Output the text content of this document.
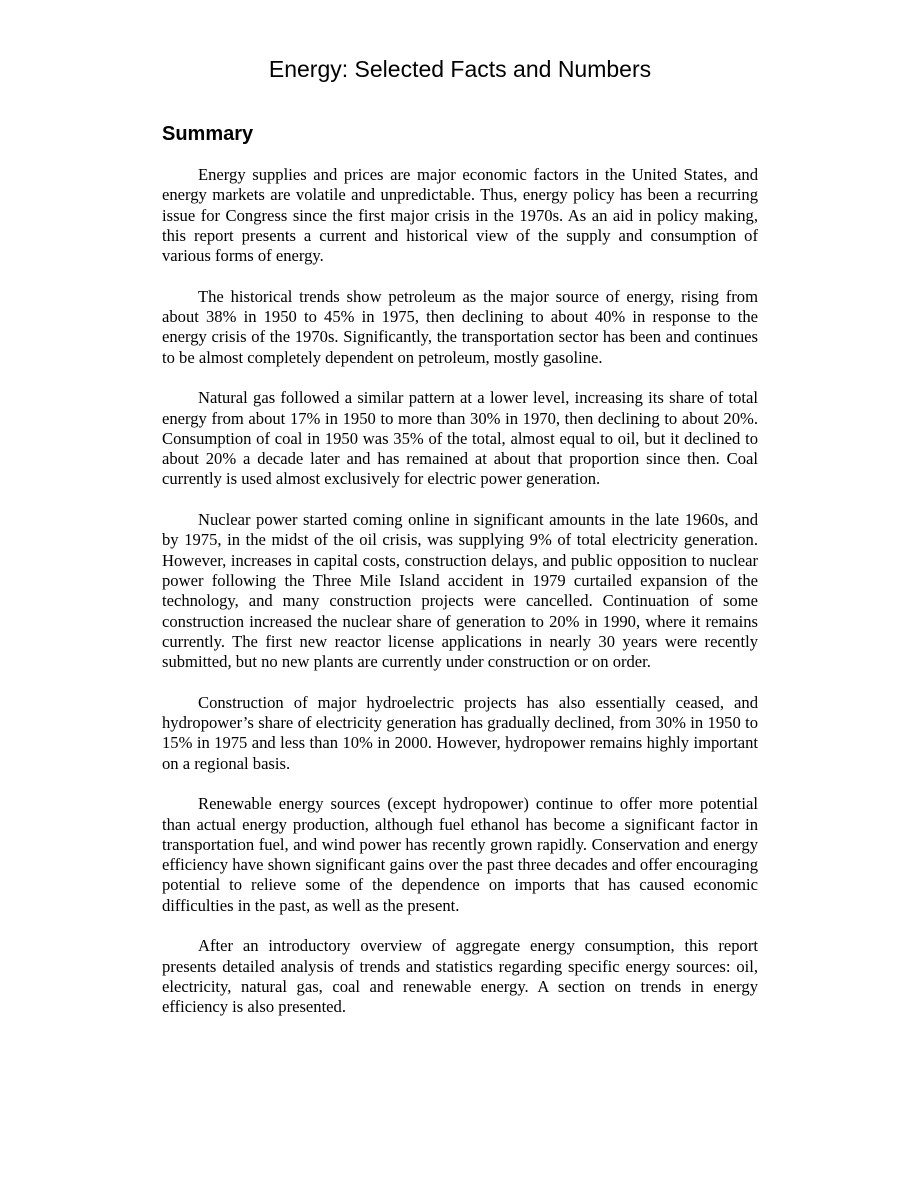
Energy: Selected Facts and Numbers
Summary

Energy supplies and prices are major economic factors in the United States, and energy markets are volatile and unpredictable. Thus, energy policy has been a recurring issue for Congress since the first major crisis in the 1970s. As an aid in policy making, this report presents a current and historical view of the supply and consumption of various forms of energy.

The historical trends show petroleum as the major source of energy, rising from about 38% in 1950 to 45% in 1975, then declining to about 40% in response to the energy crisis of the 1970s. Significantly, the transportation sector has been and continues to be almost completely dependent on petroleum, mostly gasoline.

Natural gas followed a similar pattern at a lower level, increasing its share of total energy from about 17% in 1950 to more than 30% in 1970, then declining to about 20%. Consumption of coal in 1950 was 35% of the total, almost equal to oil, but it declined to about 20% a decade later and has remained at about that proportion since then. Coal currently is used almost exclusively for electric power generation.

Nuclear power started coming online in significant amounts in the late 1960s, and by 1975, in the midst of the oil crisis, was supplying 9% of total electricity generation. However, increases in capital costs, construction delays, and public opposition to nuclear power following the Three Mile Island accident in 1979 curtailed expansion of the technology, and many construction projects were cancelled. Continuation of some construction increased the nuclear share of generation to 20% in 1990, where it remains currently. The first new reactor license applications in nearly 30 years were recently submitted, but no new plants are currently under construction or on order.

Construction of major hydroelectric projects has also essentially ceased, and hydropower’s share of electricity generation has gradually declined, from 30% in 1950 to 15% in 1975 and less than 10% in 2000. However, hydropower remains highly important on a regional basis.

Renewable energy sources (except hydropower) continue to offer more potential than actual energy production, although fuel ethanol has become a significant factor in transportation fuel, and wind power has recently grown rapidly. Conservation and energy efficiency have shown significant gains over the past three decades and offer encouraging potential to relieve some of the dependence on imports that has caused economic difficulties in the past, as well as the present.

After an introductory overview of aggregate energy consumption, this report presents detailed analysis of trends and statistics regarding specific energy sources: oil, electricity, natural gas, coal and renewable energy. A section on trends in energy efficiency is also presented.
